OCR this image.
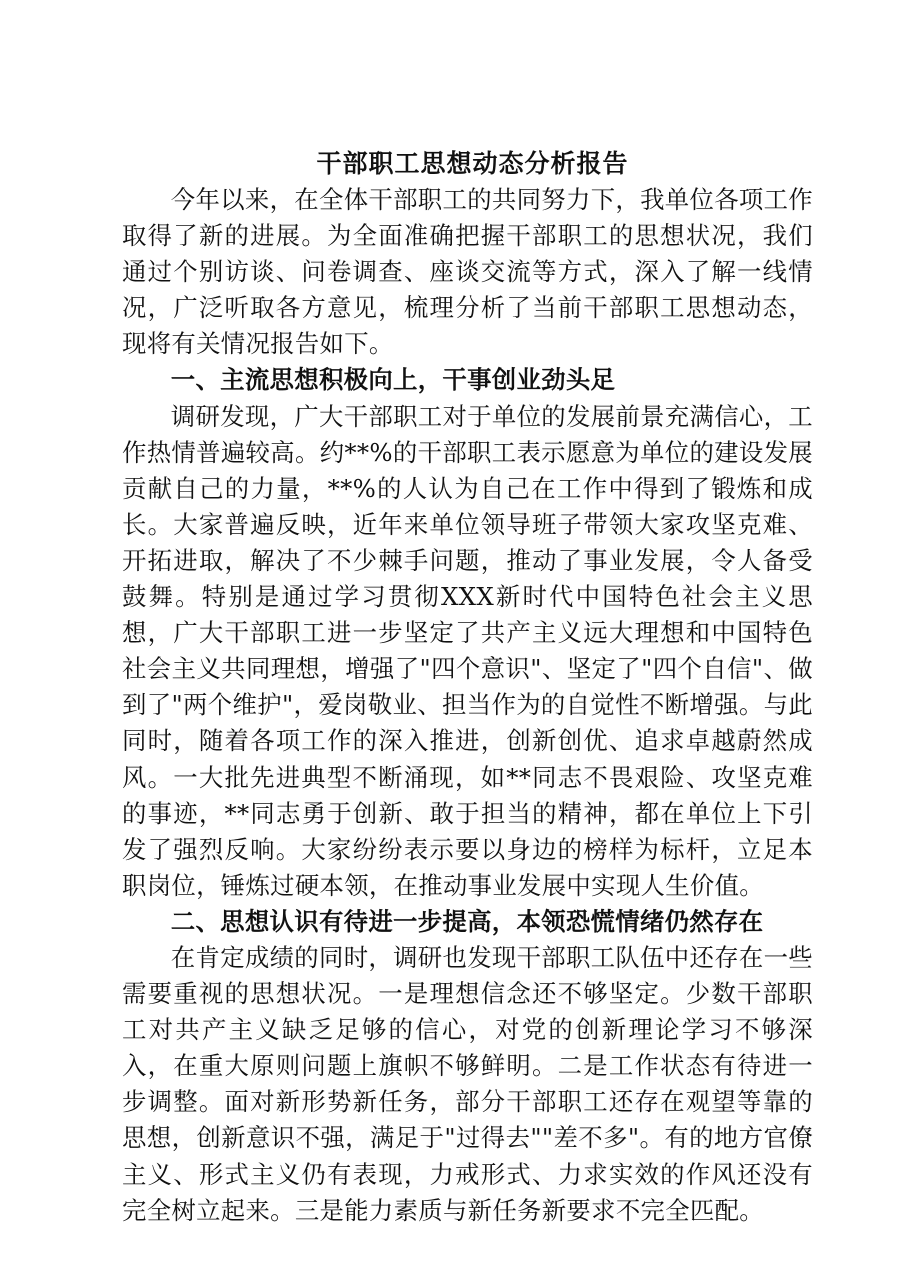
干部职工思想动态分析报告

今年以来，在全体干部职工的共同努力下，我单位各项工作取得了新的进展。为全面准确把握干部职工的思想状况，我们通过个别访谈、问卷调查、座谈交流等方式，深入了解一线情况，广泛听取各方意见，梳理分析了当前干部职工思想动态，现将有关情况报告如下。

一、主流思想积极向上，干事创业劲头足

调研发现，广大干部职工对于单位的发展前景充满信心，工作热情普遍较高。约**%的干部职工表示愿意为单位的建设发展贡献自己的力量，**%的人认为自己在工作中得到了锻炼和成长。大家普遍反映，近年来单位领导班子带领大家攻坚克难、开拓进取，解决了不少棘手问题，推动了事业发展，令人备受鼓舞。特别是通过学习贯彻XXX新时代中国特色社会主义思想，广大干部职工进一步坚定了共产主义远大理想和中国特色社会主义共同理想，增强了"四个意识"、坚定了"四个自信"、做到了"两个维护"，爱岗敬业、担当作为的自觉性不断增强。与此同时，随着各项工作的深入推进，创新创优、追求卓越蔚然成风。一大批先进典型不断涌现，如**同志不畏艰险、攻坚克难的事迹，**同志勇于创新、敢于担当的精神，都在单位上下引发了强烈反响。大家纷纷表示要以身边的榜样为标杆，立足本职岗位，锤炼过硬本领，在推动事业发展中实现人生价值。

二、思想认识有待进一步提高，本领恐慌情绪仍然存在

在肯定成绩的同时，调研也发现干部职工队伍中还存在一些需要重视的思想状况。一是理想信念还不够坚定。少数干部职工对共产主义缺乏足够的信心，对党的创新理论学习不够深入，在重大原则问题上旗帜不够鲜明。二是工作状态有待进一步调整。面对新形势新任务，部分干部职工还存在观望等靠的思想，创新意识不强，满足于"过得去""差不多"。有的地方官僚主义、形式主义仍有表现，力戒形式、力求实效的作风还没有完全树立起来。三是能力素质与新任务新要求不完全匹配。
